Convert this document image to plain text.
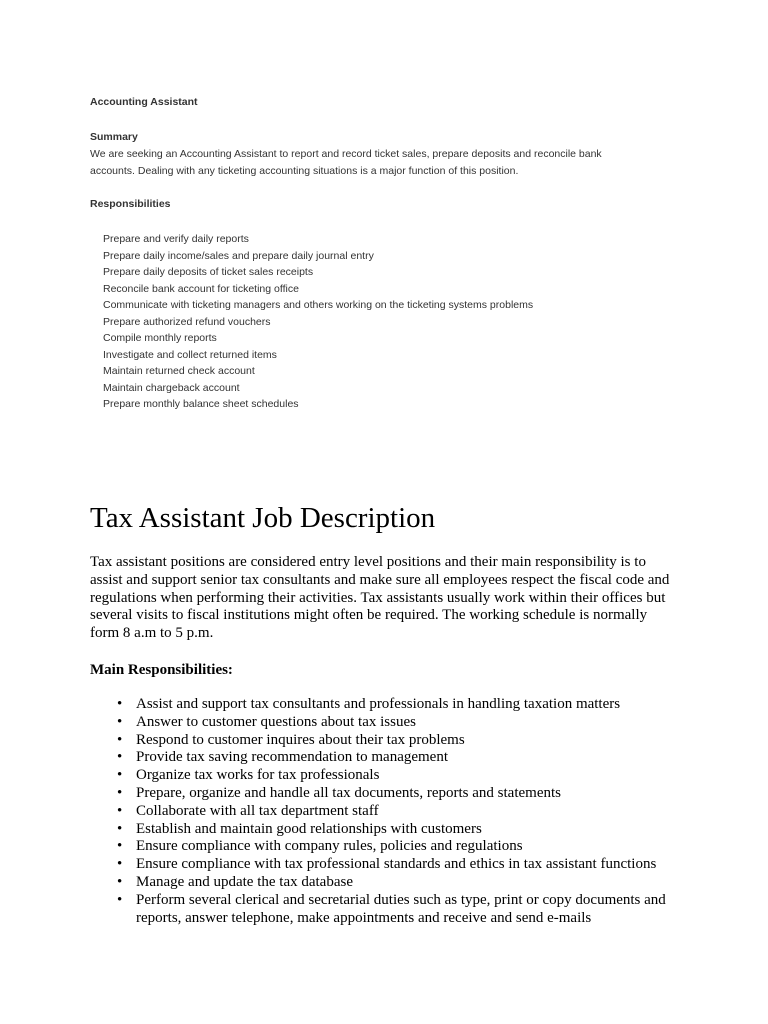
Accounting Assistant
Summary
We are seeking an Accounting Assistant to report and record ticket sales, prepare deposits and reconcile bank
accounts. Dealing with any ticketing accounting situations is a major function of this position.
Responsibilities
Prepare and verify daily reports
Prepare daily income/sales and prepare daily journal entry
Prepare daily deposits of ticket sales receipts
Reconcile bank account for ticketing office
Communicate with ticketing managers and others working on the ticketing systems problems
Prepare authorized refund vouchers
Compile monthly reports
Investigate and collect returned items
Maintain returned check account
Maintain chargeback account
Prepare monthly balance sheet schedules
Tax Assistant Job Description
Tax assistant positions are considered entry level positions and their main responsibility is to
assist and support senior tax consultants and make sure all employees respect the fiscal code and
regulations when performing their activities. Tax assistants usually work within their offices but
several visits to fiscal institutions might often be required. The working schedule is normally
form 8 a.m to 5 p.m.
Main Responsibilities:
• Assist and support tax consultants and professionals in handling taxation matters
• Answer to customer questions about tax issues
• Respond to customer inquires about their tax problems
• Provide tax saving recommendation to management
• Organize tax works for tax professionals
• Prepare, organize and handle all tax documents, reports and statements
• Collaborate with all tax department staff
• Establish and maintain good relationships with customers
• Ensure compliance with company rules, policies and regulations
• Ensure compliance with tax professional standards and ethics in tax assistant functions
• Manage and update the tax database
• Perform several clerical and secretarial duties such as type, print or copy documents and reports, answer telephone, make appointments and receive and send e-mails
